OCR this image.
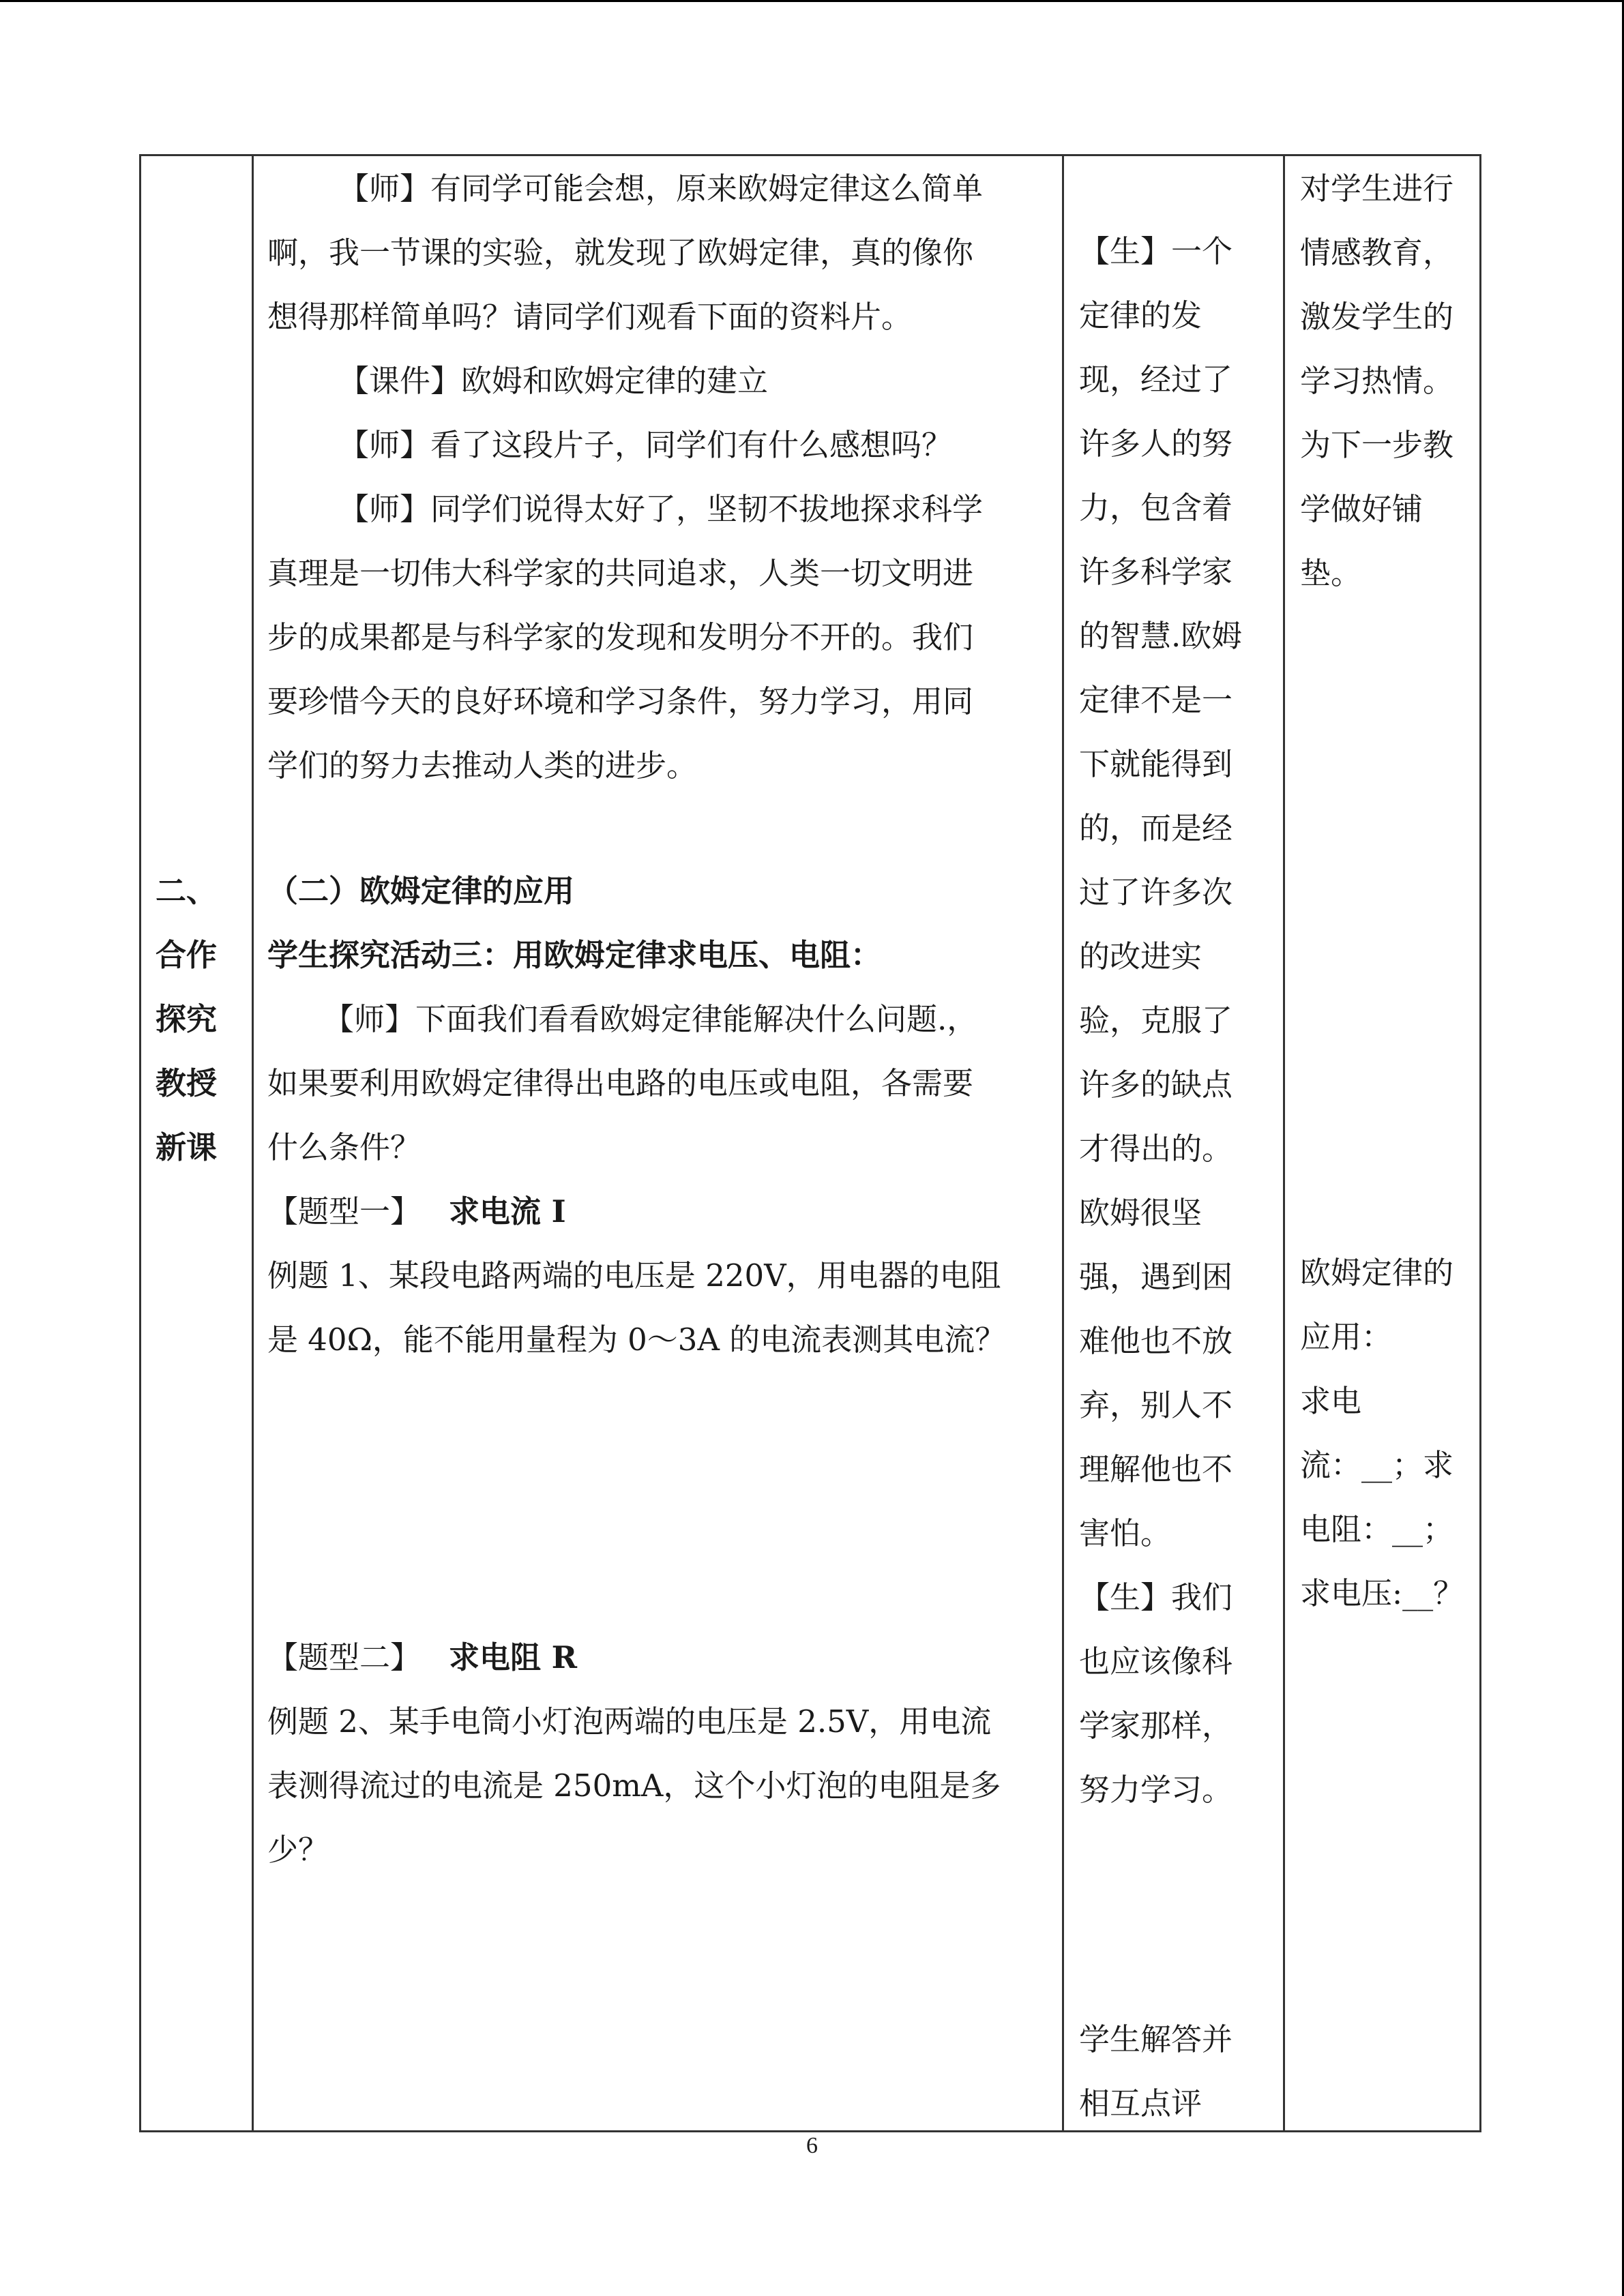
二、
合作
探究
教授
新课
【师】有同学可能会想，原来欧姆定律这么简单
啊，我一节课的实验，就发现了欧姆定律，真的像你
想得那样简单吗？请同学们观看下面的资料片。
【课件】欧姆和欧姆定律的建立
【师】看了这段片子，同学们有什么感想吗？
【师】同学们说得太好了，坚韧不拔地探求科学
真理是一切伟大科学家的共同追求，人类一切文明进
步的成果都是与科学家的发现和发明分不开的。我们
要珍惜今天的良好环境和学习条件，努力学习，用同
学们的努力去推动人类的进步。
（二）欧姆定律的应用
学生探究活动三：用欧姆定律求电压、电阻：
【师】下面我们看看欧姆定律能解决什么问题.，
如果要利用欧姆定律得出电路的电压或电阻，各需要
什么条件？
【题型一】 求电流 I
例题 1、某段电路两端的电压是 220V，用电器的电阻
是 40Ω，能不能用量程为 0～3A 的电流表测其电流？
【题型二】 求电阻 R
例题 2、某手电筒小灯泡两端的电压是 2.5V，用电流
表测得流过的电流是 250mA，这个小灯泡的电阻是多
少？
【生】一个
定律的发
现，经过了
许多人的努
力，包含着
许多科学家
的智慧.欧姆
定律不是一
下就能得到
的，而是经
过了许多次
的改进实
验，克服了
许多的缺点
才得出的。
欧姆很坚
强，遇到困
难他也不放
弃，别人不
理解他也不
害怕。
【生】我们
也应该像科
学家那样，
努力学习。
学生解答并
相互点评
对学生进行
情感教育，
激发学生的
学习热情。
为下一步教
学做好铺
垫。
欧姆定律的
应用：
求电
流：__；求
电阻：__；
求电压:__？
6
